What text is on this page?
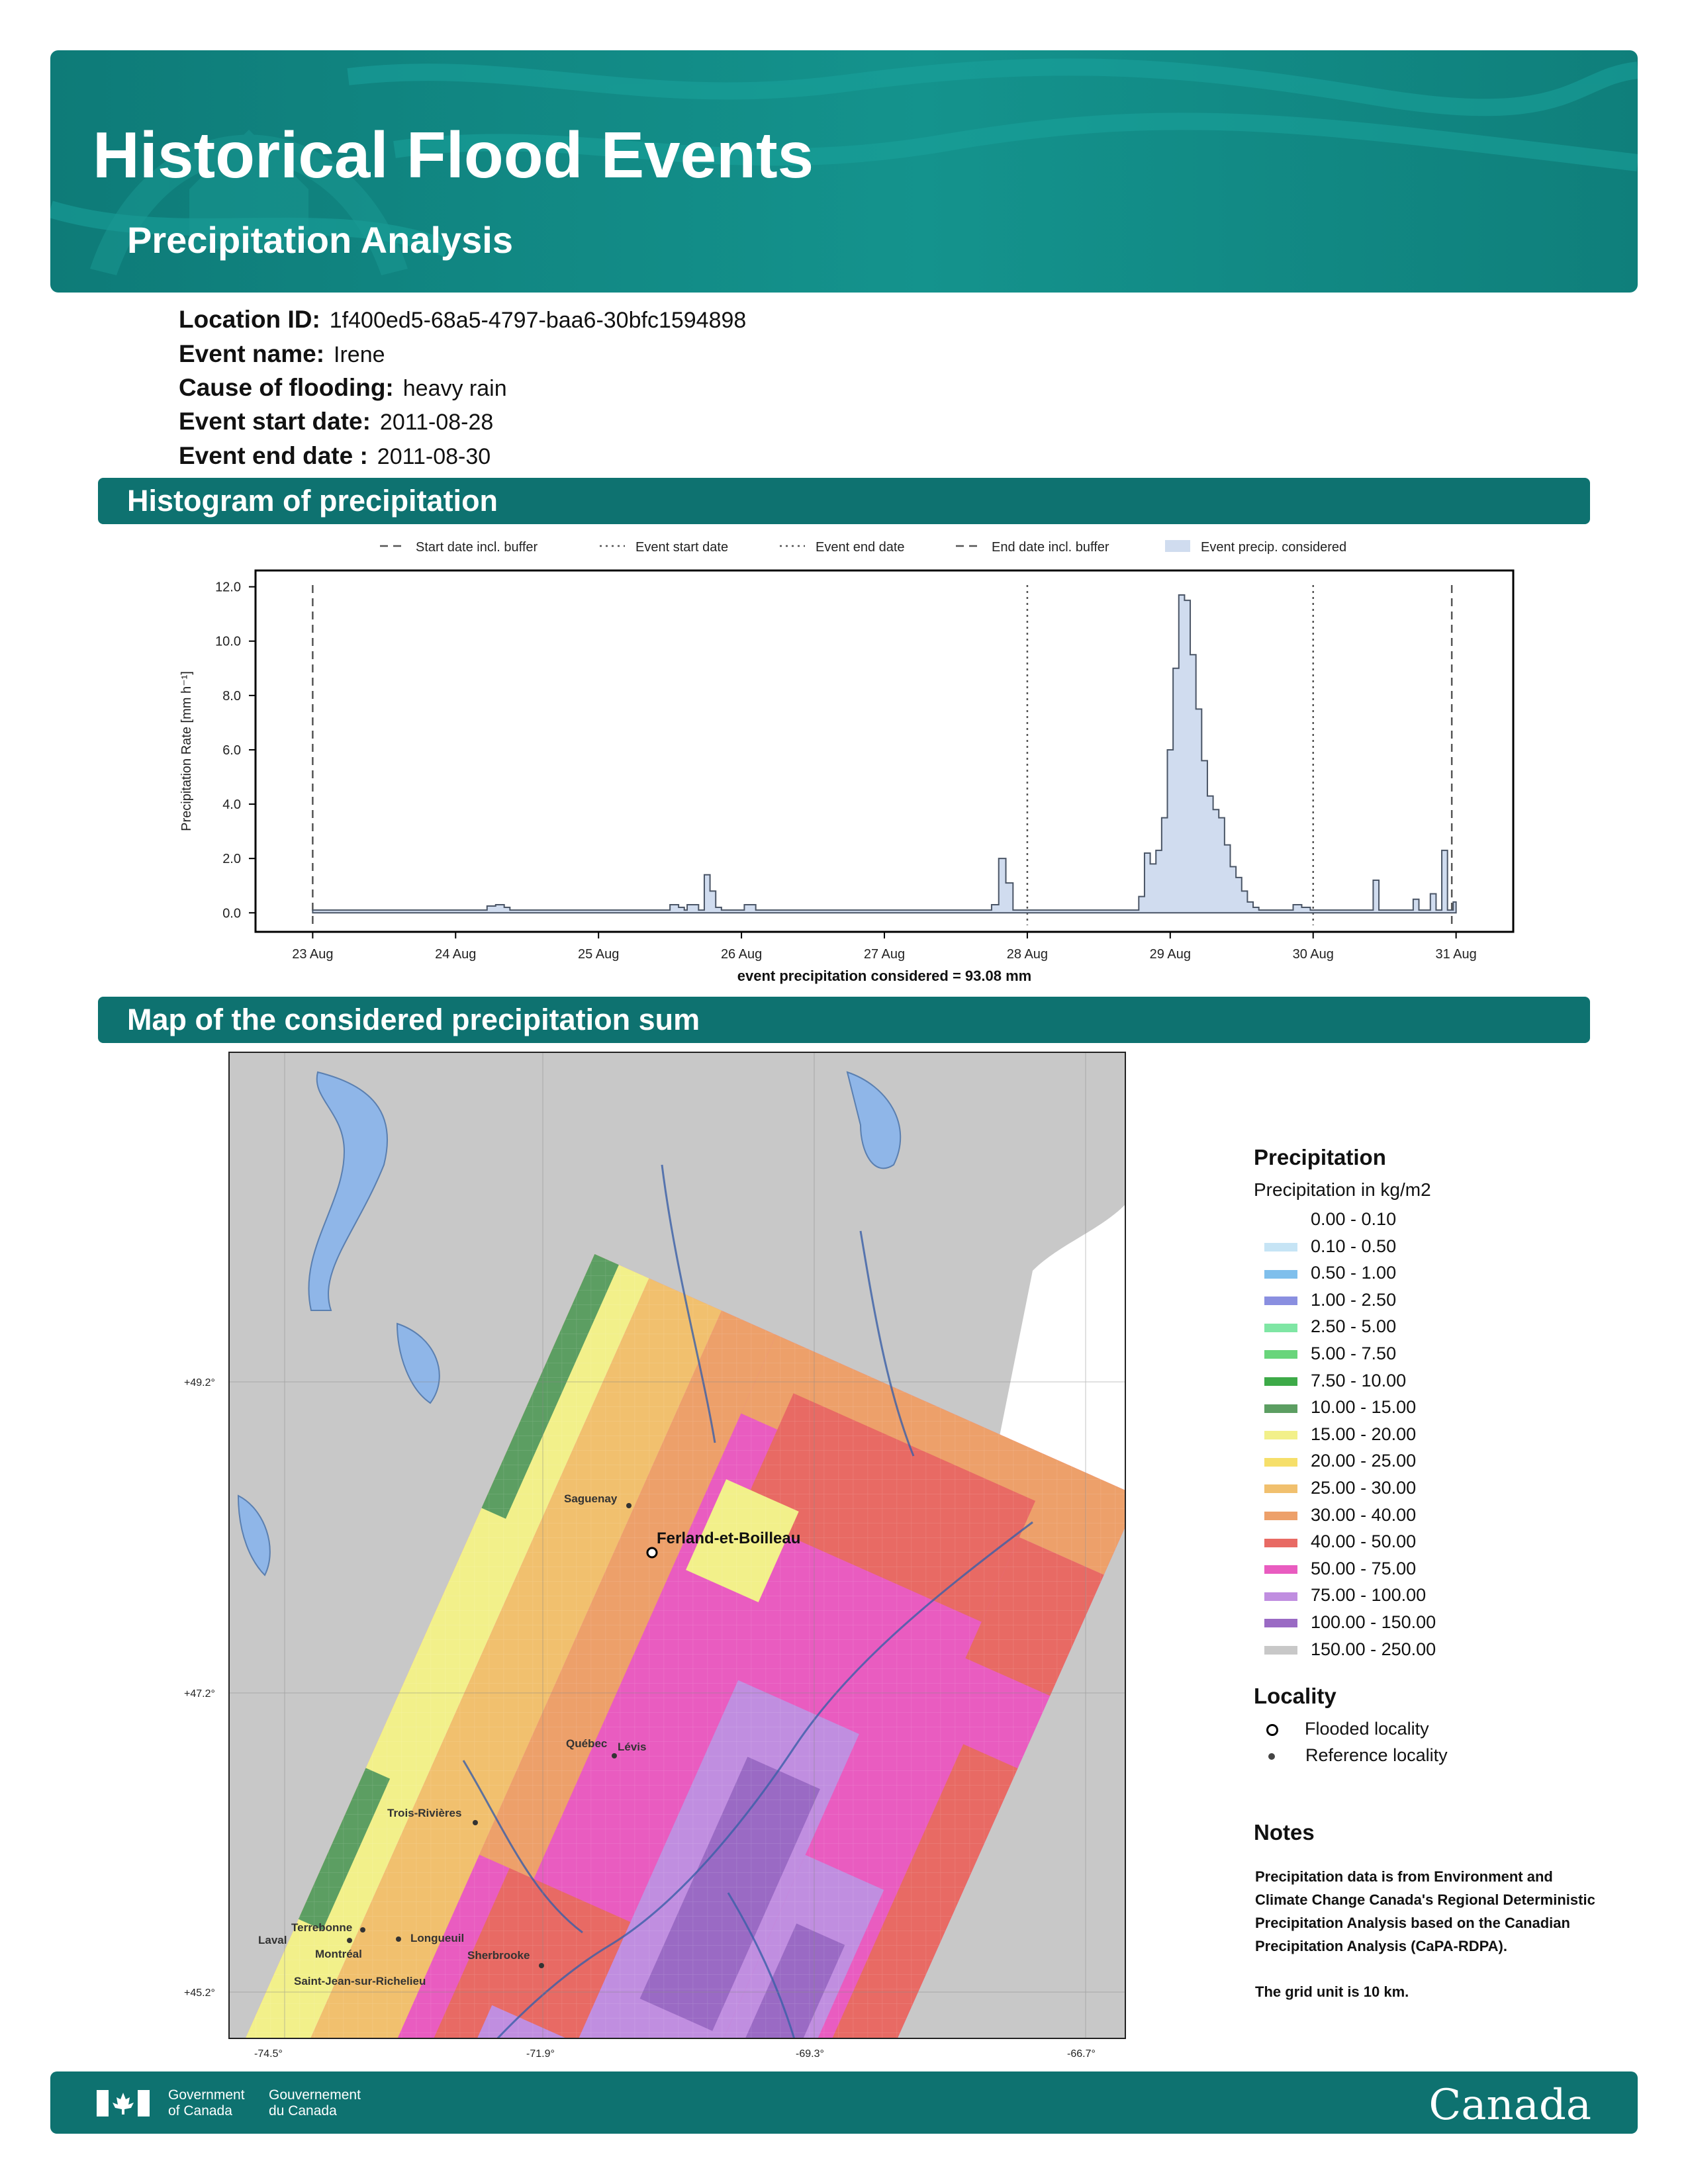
Historical Flood Events
Precipitation Analysis
Location ID: 1f400ed5-68a5-4797-baa6-30bfc1594898
Event name: Irene
Cause of flooding: heavy rain
Event start date: 2011-08-28
Event end date : 2011-08-30
Histogram of precipitation
Start date incl. buffer	Event start date	Event end date	End date incl. buffer	Event precip. considered
0.0
2.0
4.0
6.0
8.0
10.0
12.0
23 Aug	24 Aug	25 Aug	26 Aug	27 Aug	28 Aug	29 Aug	30 Aug	31 Aug
Precipitation Rate [mm h⁻¹]
event precipitation considered = 93.08 mm
Map of the considered precipitation sum
Saguenay
Ferland-et-Boilleau
Québec Lévis
Trois-Rivières
Terrebonne
Laval	Longueuil
Montréal	Sherbrooke
Saint-Jean-sur-Richelieu
+49.2°
+47.2°
+45.2°
-74.5°	-71.9°	-69.3°	-66.7°
Precipitation
Precipitation in kg/m2
0.00 - 0.10
0.10 - 0.50
0.50 - 1.00
1.00 - 2.50
2.50 - 5.00
5.00 - 7.50
7.50 - 10.00
10.00 - 15.00
15.00 - 20.00
20.00 - 25.00
25.00 - 30.00
30.00 - 40.00
40.00 - 50.00
50.00 - 75.00
75.00 - 100.00
100.00 - 150.00
150.00 - 250.00
Locality
Flooded locality
Reference locality
Notes
Precipitation data is from Environment and Climate Change Canada's Regional Deterministic Precipitation Analysis based on the Canadian Precipitation Analysis (CaPA-RDPA).
The grid unit is 10 km.
Government
of Canada
Gouvernement
du Canada	Canada
